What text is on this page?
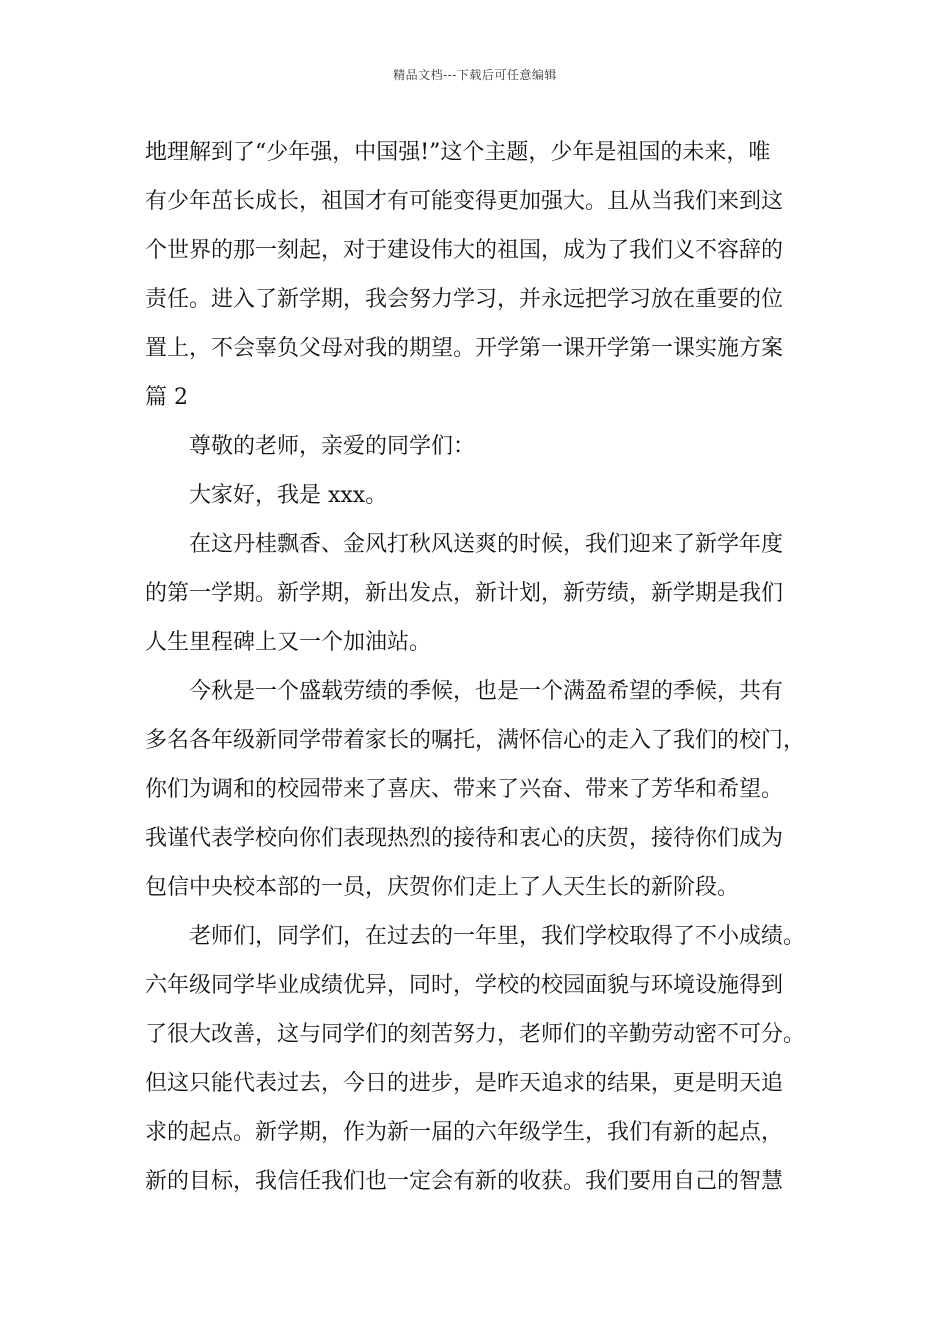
精品文档---下载后可任意编辑
地理解到了“少年强，中国强!”这个主题，少年是祖国的未来，唯
有少年茁长成长，祖国才有可能变得更加强大。且从当我们来到这
个世界的那一刻起，对于建设伟大的祖国，成为了我们义不容辞的
责任。进入了新学期，我会努力学习，并永远把学习放在重要的位
置上，不会辜负父母对我的期望。开学第一课开学第一课实施方案
篇 2
尊敬的老师，亲爱的同学们：
大家好，我是 xxx。
在这丹桂飘香、金风打秋风送爽的时候，我们迎来了新学年度
的第一学期。新学期，新出发点，新计划，新劳绩，新学期是我们
人生里程碑上又一个加油站。
今秋是一个盛载劳绩的季候，也是一个满盈希望的季候，共有
多名各年级新同学带着家长的嘱托，满怀信心的走入了我们的校门，
你们为调和的校园带来了喜庆、带来了兴奋、带来了芳华和希望。
我谨代表学校向你们表现热烈的接待和衷心的庆贺，接待你们成为
包信中央校本部的一员，庆贺你们走上了人天生长的新阶段。
老师们，同学们，在过去的一年里，我们学校取得了不小成绩。
六年级同学毕业成绩优异，同时，学校的校园面貌与环境设施得到
了很大改善，这与同学们的刻苦努力，老师们的辛勤劳动密不可分。
但这只能代表过去，今日的进步，是昨天追求的结果，更是明天追
求的起点。新学期，作为新一届的六年级学生，我们有新的起点，
新的目标，我信任我们也一定会有新的收获。我们要用自己的智慧
